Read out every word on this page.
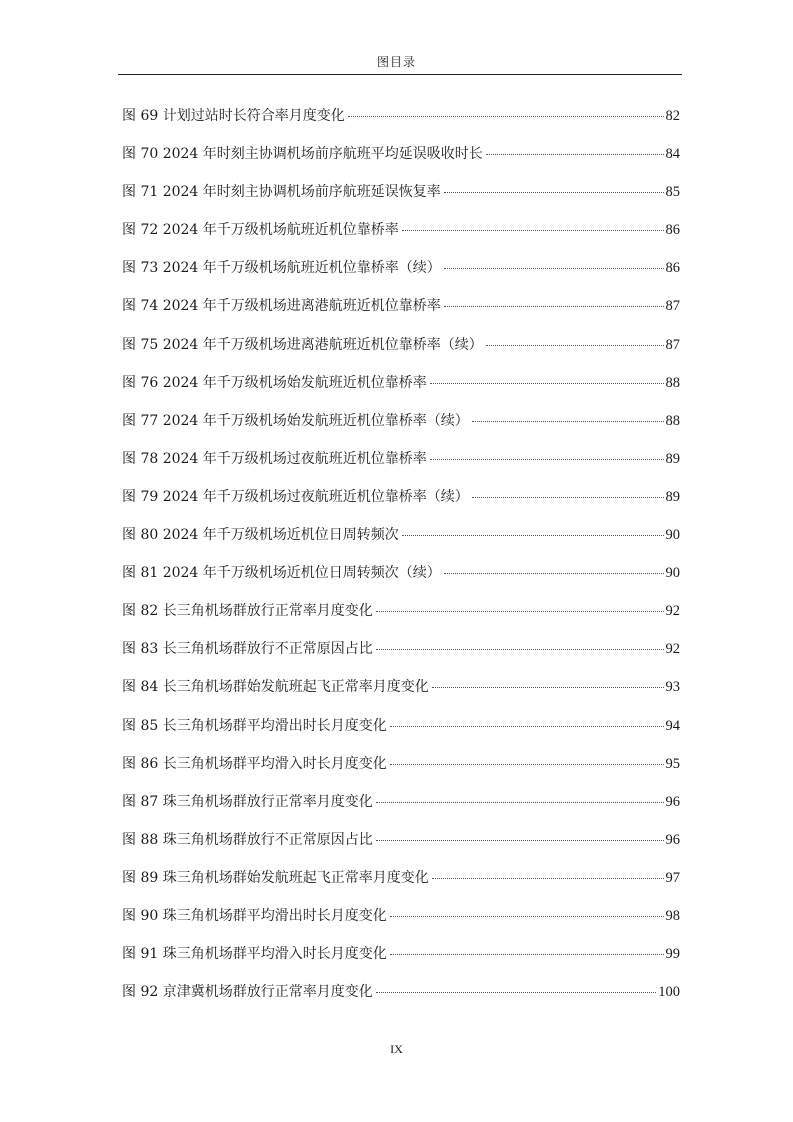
图目录
图 69 计划过站时长符合率月度变化	82
图 70 2024 年时刻主协调机场前序航班平均延误吸收时长	84
图 71 2024 年时刻主协调机场前序航班延误恢复率	85
图 72 2024 年千万级机场航班近机位靠桥率	86
图 73 2024 年千万级机场航班近机位靠桥率（续）	86
图 74 2024 年千万级机场进离港航班近机位靠桥率	87
图 75 2024 年千万级机场进离港航班近机位靠桥率（续）	87
图 76 2024 年千万级机场始发航班近机位靠桥率	88
图 77 2024 年千万级机场始发航班近机位靠桥率（续）	88
图 78 2024 年千万级机场过夜航班近机位靠桥率	89
图 79 2024 年千万级机场过夜航班近机位靠桥率（续）	89
图 80 2024 年千万级机场近机位日周转频次	90
图 81 2024 年千万级机场近机位日周转频次（续）	90
图 82 长三角机场群放行正常率月度变化	92
图 83 长三角机场群放行不正常原因占比	92
图 84 长三角机场群始发航班起飞正常率月度变化	93
图 85 长三角机场群平均滑出时长月度变化	94
图 86 长三角机场群平均滑入时长月度变化	95
图 87 珠三角机场群放行正常率月度变化	96
图 88 珠三角机场群放行不正常原因占比	96
图 89 珠三角机场群始发航班起飞正常率月度变化	97
图 90 珠三角机场群平均滑出时长月度变化	98
图 91 珠三角机场群平均滑入时长月度变化	99
图 92 京津冀机场群放行正常率月度变化	100
IX
